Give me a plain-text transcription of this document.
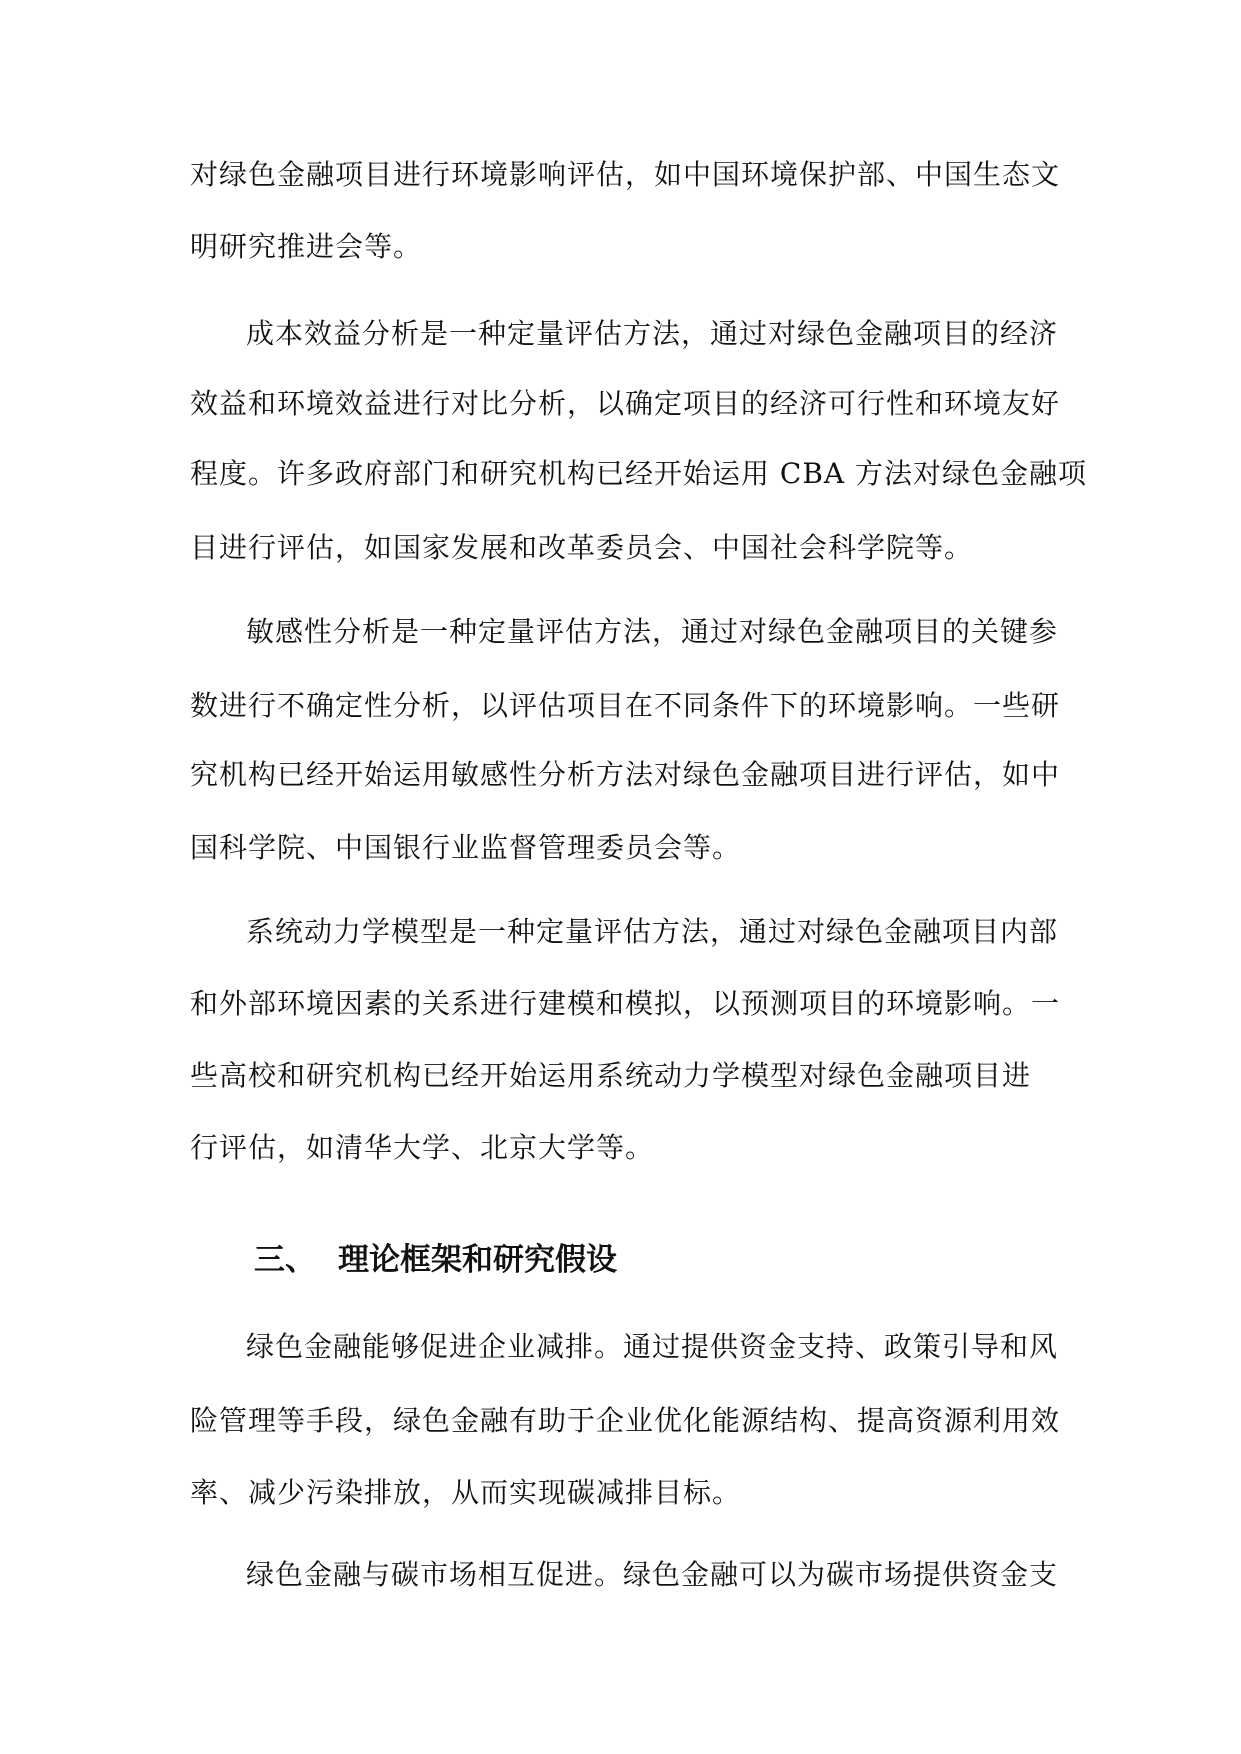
对绿色金融项目进行环境影响评估，如中国环境保护部、中国生态文
明研究推进会等。
成本效益分析是一种定量评估方法，通过对绿色金融项目的经济
效益和环境效益进行对比分析，以确定项目的经济可行性和环境友好
程度。许多政府部门和研究机构已经开始运用 CBA 方法对绿色金融项
目进行评估，如国家发展和改革委员会、中国社会科学院等。
敏感性分析是一种定量评估方法，通过对绿色金融项目的关键参
数进行不确定性分析，以评估项目在不同条件下的环境影响。一些研
究机构已经开始运用敏感性分析方法对绿色金融项目进行评估，如中
国科学院、中国银行业监督管理委员会等。
系统动力学模型是一种定量评估方法，通过对绿色金融项目内部
和外部环境因素的关系进行建模和模拟，以预测项目的环境影响。一
些高校和研究机构已经开始运用系统动力学模型对绿色金融项目进
行评估，如清华大学、北京大学等。
三、 理论框架和研究假设
绿色金融能够促进企业减排。通过提供资金支持、政策引导和风
险管理等手段，绿色金融有助于企业优化能源结构、提高资源利用效
率、减少污染排放，从而实现碳减排目标。
绿色金融与碳市场相互促进。绿色金融可以为碳市场提供资金支
